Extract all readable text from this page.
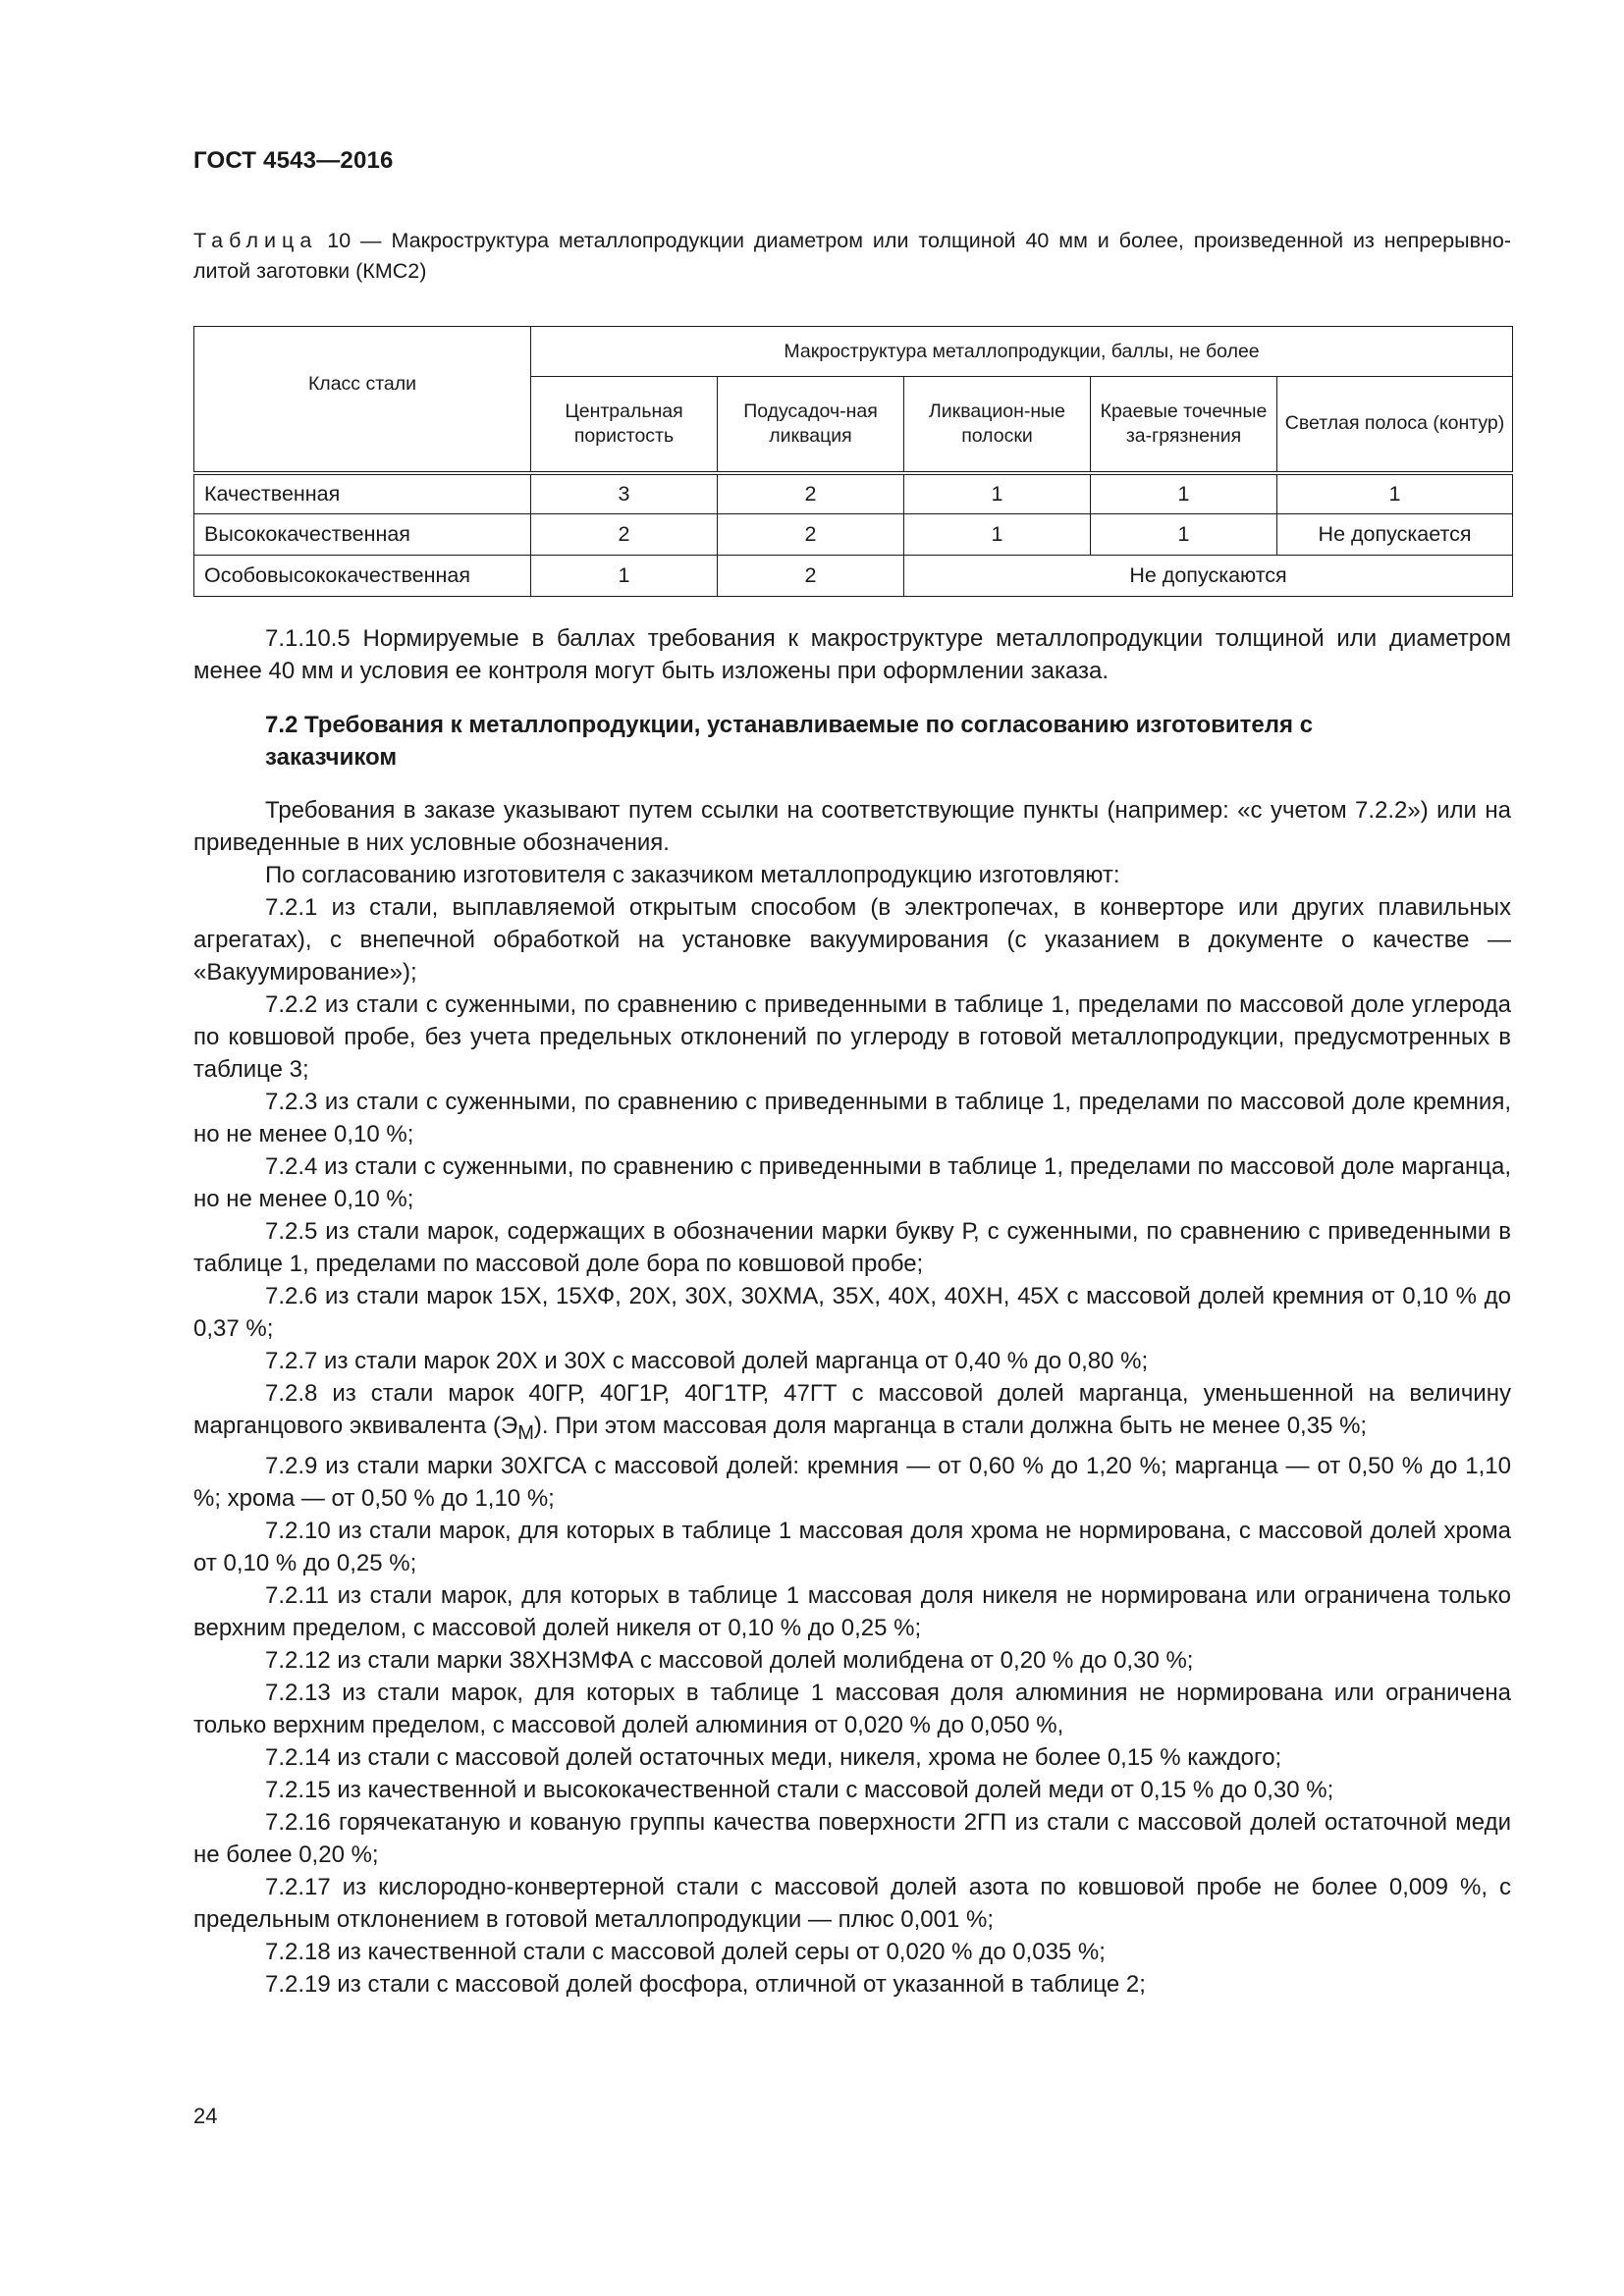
ГОСТ 4543—2016
Таблица 10 — Макроструктура металлопродукции диаметром или толщиной 40 мм и более, произведенной из непрерывно-литой заготовки (КМС2)
Класс стали	Макроструктура металлопродукции, баллы, не более				
	Центральная пористость	Подусадоч-ная ликвация	Ликвацион-ные полоски	Краевые точечные за-грязнения	Светлая полоса (контур)
Качественная	3	2	1	1	1
Высококачественная	2	2	1	1	Не допускается
Особовысококачественная	1	2	Не допускаются		

7.1.10.5 Нормируемые в баллах требования к макроструктуре металлопродукции толщиной или диаметром менее 40 мм и условия ее контроля могут быть изложены при оформлении заказа.

7.2 Требования к металлопродукции, устанавливаемые по согласованию изготовителя с заказчиком

Требования в заказе указывают путем ссылки на соответствующие пункты (например: «с учетом 7.2.2») или на приведенные в них условные обозначения.

По согласованию изготовителя с заказчиком металлопродукцию изготовляют:

7.2.1 из стали, выплавляемой открытым способом (в электропечах, в конверторе или других плавильных агрегатах), с внепечной обработкой на установке вакуумирования (с указанием в документе о качестве — «Вакуумирование»);

7.2.2 из стали с суженными, по сравнению с приведенными в таблице 1, пределами по массовой доле углерода по ковшовой пробе, без учета предельных отклонений по углероду в готовой металлопродукции, предусмотренных в таблице 3;

7.2.3 из стали с суженными, по сравнению с приведенными в таблице 1, пределами по массовой доле кремния, но не менее 0,10 %;

7.2.4 из стали с суженными, по сравнению с приведенными в таблице 1, пределами по массовой доле марганца, но не менее 0,10 %;

7.2.5 из стали марок, содержащих в обозначении марки букву Р, с суженными, по сравнению с приведенными в таблице 1, пределами по массовой доле бора по ковшовой пробе;

7.2.6 из стали марок 15Х, 15ХФ, 20Х, 30Х, 30ХМА, 35Х, 40Х, 40ХН, 45Х с массовой долей кремния от 0,10 % до 0,37 %;

7.2.7 из стали марок 20Х и 30Х с массовой долей марганца от 0,40 % до 0,80 %;

7.2.8 из стали марок 40ГР, 40Г1Р, 40Г1ТР, 47ГТ с массовой долей марганца, уменьшенной на величину марганцового эквивалента $(Э_М)$. При этом массовая доля марганца в стали должна быть не менее 0,35 %;

7.2.9 из стали марки 30ХГСА с массовой долей: кремния — от 0,60 % до 1,20 %; марганца — от 0,50 % до 1,10 %; хрома — от 0,50 % до 1,10 %;

7.2.10 из стали марок, для которых в таблице 1 массовая доля хрома не нормирована, с массовой долей хрома от 0,10 % до 0,25 %;

7.2.11 из стали марок, для которых в таблице 1 массовая доля никеля не нормирована или ограничена только верхним пределом, с массовой долей никеля от 0,10 % до 0,25 %;

7.2.12 из стали марки 38ХН3МФА с массовой долей молибдена от 0,20 % до 0,30 %;

7.2.13 из стали марок, для которых в таблице 1 массовая доля алюминия не нормирована или ограничена только верхним пределом, с массовой долей алюминия от 0,020 % до 0,050 %,

7.2.14 из стали с массовой долей остаточных меди, никеля, хрома не более 0,15 % каждого;

7.2.15 из качественной и высококачественной стали с массовой долей меди от 0,15 % до 0,30 %;

7.2.16 горячекатаную и кованую группы качества поверхности 2ГП из стали с массовой долей остаточной меди не более 0,20 %;

7.2.17 из кислородно-конвертерной стали с массовой долей азота по ковшовой пробе не более 0,009 %, с предельным отклонением в готовой металлопродукции — плюс 0,001 %;

7.2.18 из качественной стали с массовой долей серы от 0,020 % до 0,035 %;

7.2.19 из стали с массовой долей фосфора, отличной от указанной в таблице 2;

24
